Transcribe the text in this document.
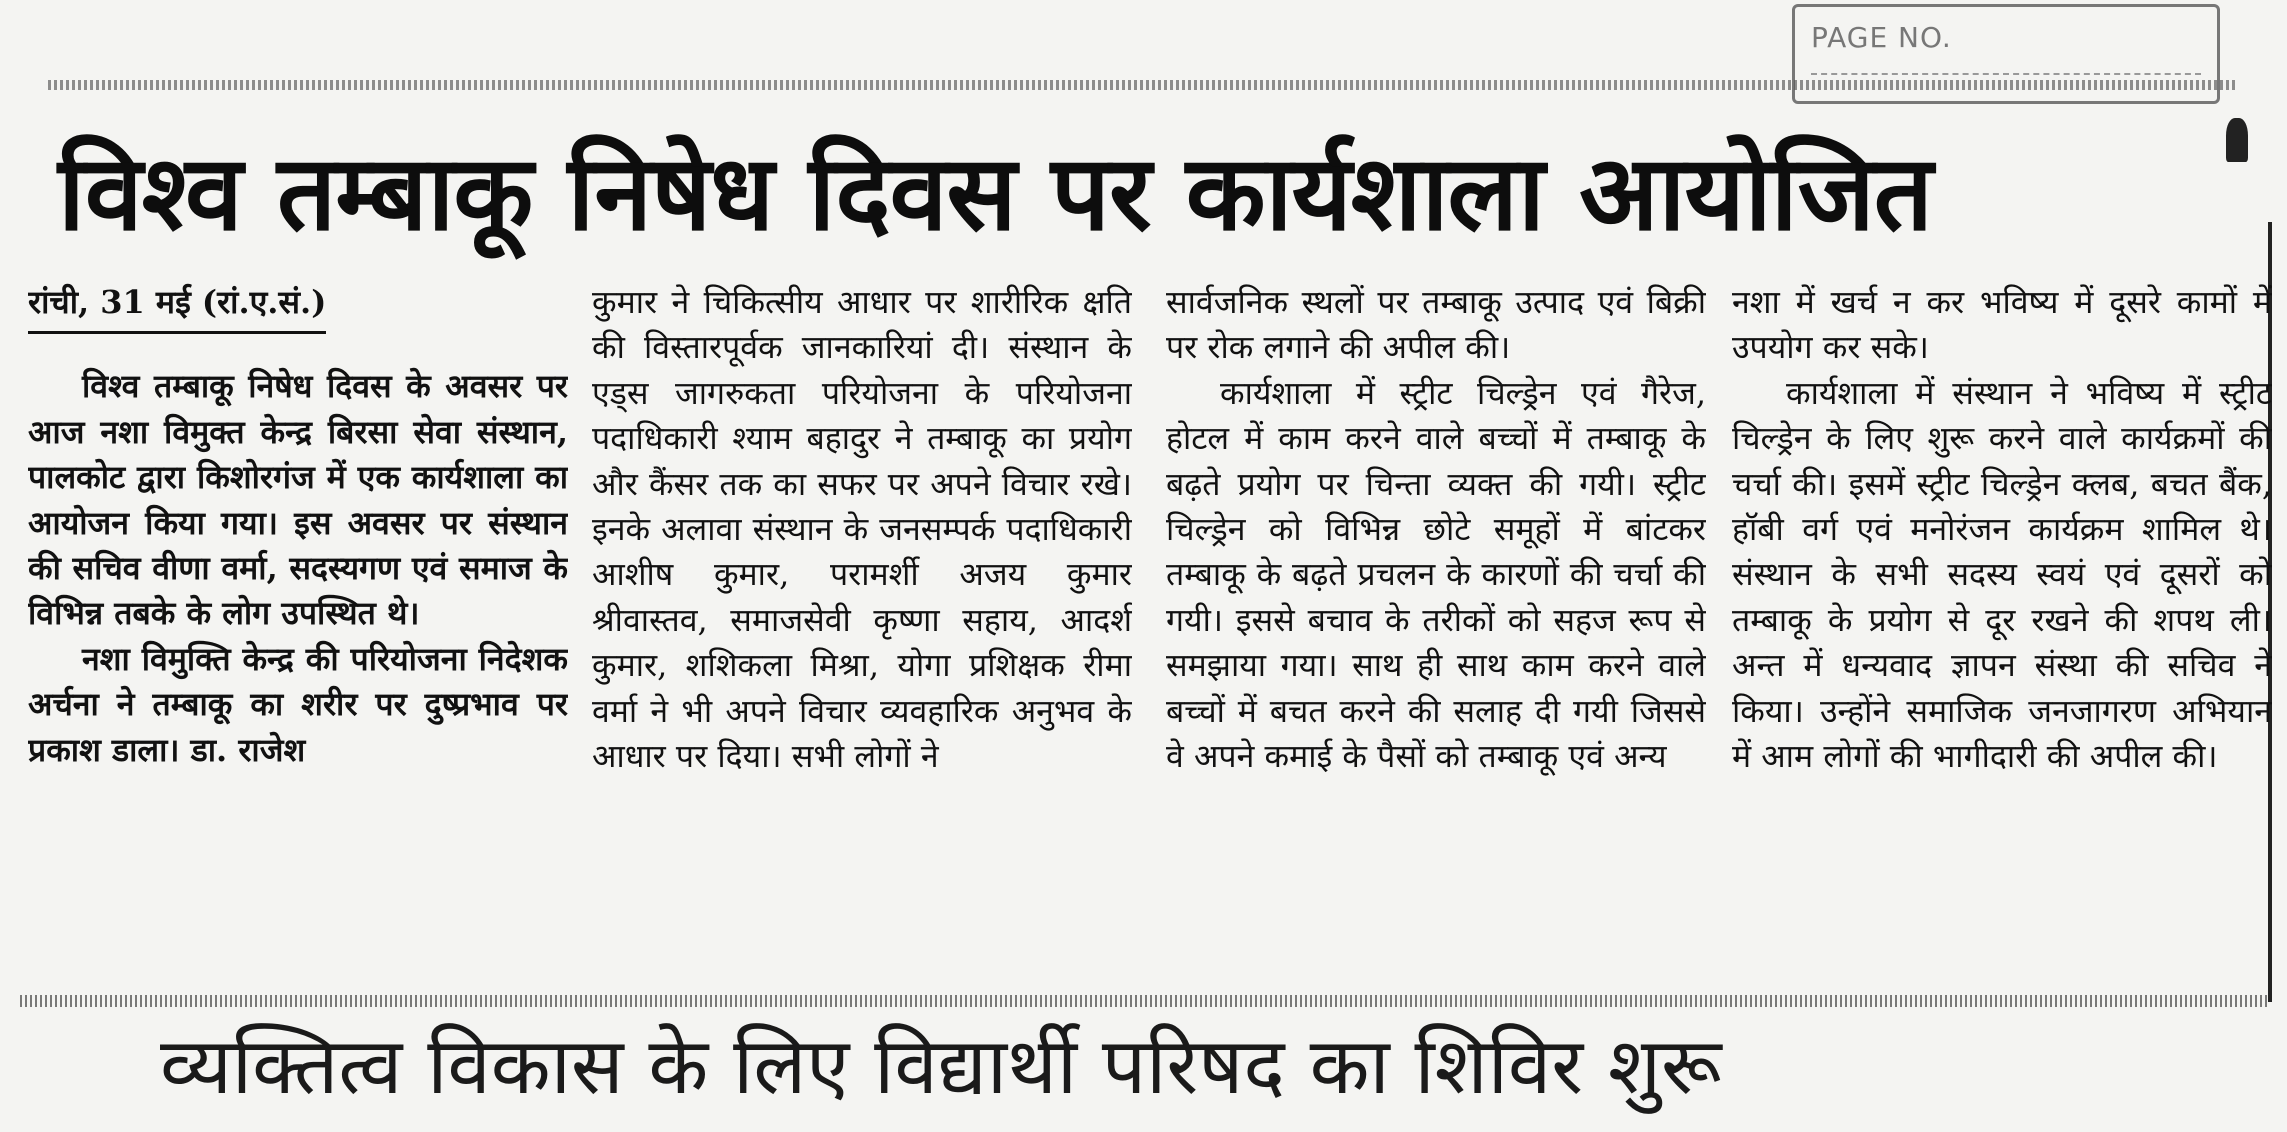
PAGE NO.
विश्व तम्बाकू निषेध दिवस पर कार्यशाला आयोजित
रांची, 31 मई (रां.ए.सं.)

विश्व तम्बाकू निषेध दिवस के अवसर पर आज नशा विमुक्त केन्द्र बिरसा सेवा संस्थान, पालकोट द्वारा किशोरगंज में एक कार्यशाला का आयोजन किया गया। इस अवसर पर संस्थान की सचिव वीणा वर्मा, सदस्यगण एवं समाज के विभिन्न तबके के लोग उपस्थित थे।

नशा विमुक्ति केन्द्र की परियोजना निदेशक अर्चना ने तम्बाकू का शरीर पर दुष्प्रभाव पर प्रकाश डाला। डा. राजेश

कुमार ने चिकित्सीय आधार पर शारीरिक क्षति की विस्तारपूर्वक जानकारियां दी। संस्थान के एड्स जागरुकता परियोजना के परियोजना पदाधिकारी श्याम बहादुर ने तम्बाकू का प्रयोग और कैंसर तक का सफर पर अपने विचार रखे। इनके अलावा संस्थान के जनसम्पर्क पदाधिकारी आशीष कुमार, परामर्शी अजय कुमार श्रीवास्तव, समाजसेवी कृष्णा सहाय, आदर्श कुमार, शशिकला मिश्रा, योगा प्रशिक्षक रीमा वर्मा ने भी अपने विचार व्यवहारिक अनुभव के आधार पर दिया। सभी लोगों ने

सार्वजनिक स्थलों पर तम्बाकू उत्पाद एवं बिक्री पर रोक लगाने की अपील की।

कार्यशाला में स्ट्रीट चिल्ड्रेन एवं गैरेज, होटल में काम करने वाले बच्चों में तम्बाकू के बढ़ते प्रयोग पर चिन्ता व्यक्त की गयी। स्ट्रीट चिल्ड्रेन को विभिन्न छोटे समूहों में बांटकर तम्बाकू के बढ़ते प्रचलन के कारणों की चर्चा की गयी। इससे बचाव के तरीकों को सहज रूप से समझाया गया। साथ ही साथ काम करने वाले बच्चों में बचत करने की सलाह दी गयी जिससे वे अपने कमाई के पैसों को तम्बाकू एवं अन्य

नशा में खर्च न कर भविष्य में दूसरे कामों में उपयोग कर सके।

कार्यशाला में संस्थान ने भविष्य में स्ट्रीट चिल्ड्रेन के लिए शुरू करने वाले कार्यक्रमों की चर्चा की। इसमें स्ट्रीट चिल्ड्रेन क्लब, बचत बैंक, हॉबी वर्ग एवं मनोरंजन कार्यक्रम शामिल थे। संस्थान के सभी सदस्य स्वयं एवं दूसरों को तम्बाकू के प्रयोग से दूर रखने की शपथ ली। अन्त में धन्यवाद ज्ञापन संस्था की सचिव ने किया। उन्होंने समाजिक जनजागरण अभियान में आम लोगों की भागीदारी की अपील की।

व्यक्तित्व विकास के लिए विद्यार्थी परिषद का शिविर शुरू
